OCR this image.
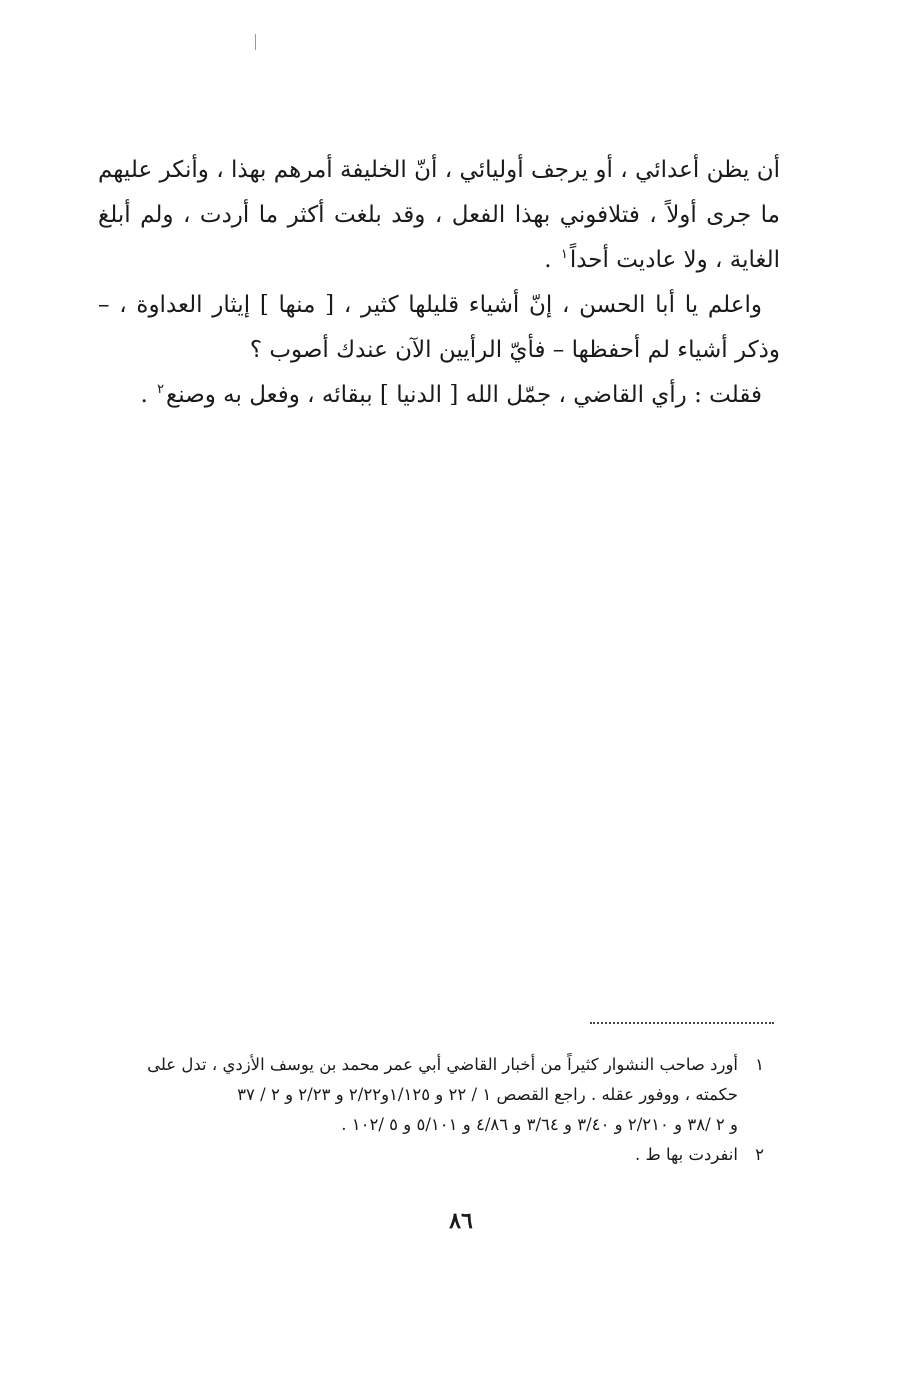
أن يظن أعدائي ، أو يرجف أوليائي ، أنّ الخليفة أمرهم بهذا ، وأنكر عليهم ما جرى أولاً ، فتلافوني بهذا الفعل ، وقد بلغت أكثر ما أردت ، ولم أبلغ الغاية ، ولا عاديت أحداً$^١$ .

واعلم يا أبا الحسن ، إنّ أشياء قليلها كثير ، [ منها ] إيثار العداوة ، – وذكر أشياء لم أحفظها – فأيّ الرأيين الآن عندك أصوب ؟

فقلت : رأي القاضي ، جمّل الله [ الدنيا ] ببقائه ، وفعل به وصنع$^٢$ .

١أورد صاحب النشوار كثيراً من أخبار القاضي أبي عمر محمد بن يوسف الأزدي ، تدل على
حكمته ، ووفور عقله . راجع القصص ١ / ٢٢ و ١/١٢٥و٢/٢٢ و ٢/٢٣ و ٢ / ٣٧
و ٢ /٣٨ و ٢/٢١٠ و ٣/٤٠ و ٣/٦٤ و ٤/٨٦ و ٥/١٠١ و ٥ /١٠٢ .
٢انفردت بها ط .
٨٦
